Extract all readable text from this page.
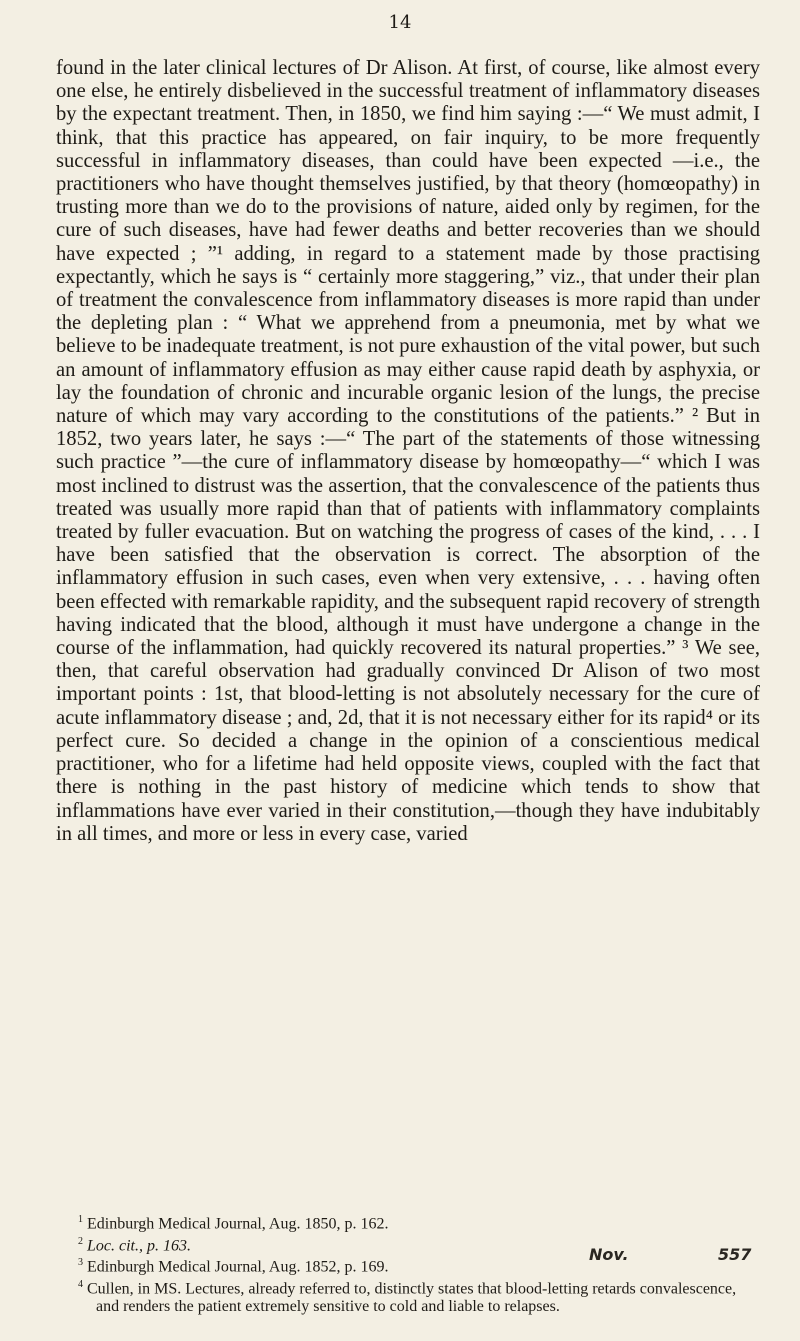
14

found in the later clinical lectures of Dr Alison. At first, of course, like almost every one else, he entirely disbelieved in the successful treatment of inflammatory diseases by the expectant treatment. Then, in 1850, we find him saying :—“ We must admit, I think, that this practice has appeared, on fair inquiry, to be more frequently successful in inflammatory diseases, than could have been expected —i.e., the practitioners who have thought themselves justified, by that theory (homœopathy) in trusting more than we do to the provisions of nature, aided only by regimen, for the cure of such diseases, have had fewer deaths and better recoveries than we should have expected ; ”¹ adding, in regard to a statement made by those practising expectantly, which he says is “ certainly more staggering,” viz., that under their plan of treatment the convalescence from inflammatory diseases is more rapid than under the depleting plan : “ What we apprehend from a pneumonia, met by what we believe to be inadequate treatment, is not pure exhaustion of the vital power, but such an amount of inflammatory effusion as may either cause rapid death by asphyxia, or lay the foundation of chronic and incurable organic lesion of the lungs, the precise nature of which may vary according to the constitutions of the patients.” ² But in 1852, two years later, he says :—“ The part of the statements of those witnessing such practice ”—the cure of inflammatory disease by homœopathy—“ which I was most inclined to distrust was the assertion, that the convalescence of the patients thus treated was usually more rapid than that of patients with inflammatory complaints treated by fuller evacuation. But on watching the progress of cases of the kind, . . . I have been satisfied that the observation is correct. The absorption of the inflammatory effusion in such cases, even when very extensive, . . . having often been effected with remarkable rapidity, and the subsequent rapid recovery of strength having indicated that the blood, although it must have undergone a change in the course of the inflammation, had quickly recovered its natural properties.” ³ We see, then, that careful observation had gradually convinced Dr Alison of two most important points : 1st, that blood-letting is not absolutely necessary for the cure of acute inflammatory disease ; and, 2d, that it is not necessary either for its rapid⁴ or its perfect cure. So decided a change in the opinion of a conscientious medical practitioner, who for a lifetime had held opposite views, coupled with the fact that there is nothing in the past history of medicine which tends to show that inflammations have ever varied in their constitution,—though they have indubitably in all times, and more or less in every case, varied

$^1$ Edinburgh Medical Journal, Aug. 1850, p. 162.

$^2$ Loc. cit., p. 163.

$^3$ Edinburgh Medical Journal, Aug. 1852, p. 169.

$^4$ Cullen, in MS. Lectures, already referred to, distinctly states that blood-letting retards convalescence, and renders the patient extremely sensitive to cold and liable to relapses.

Nov.	557
